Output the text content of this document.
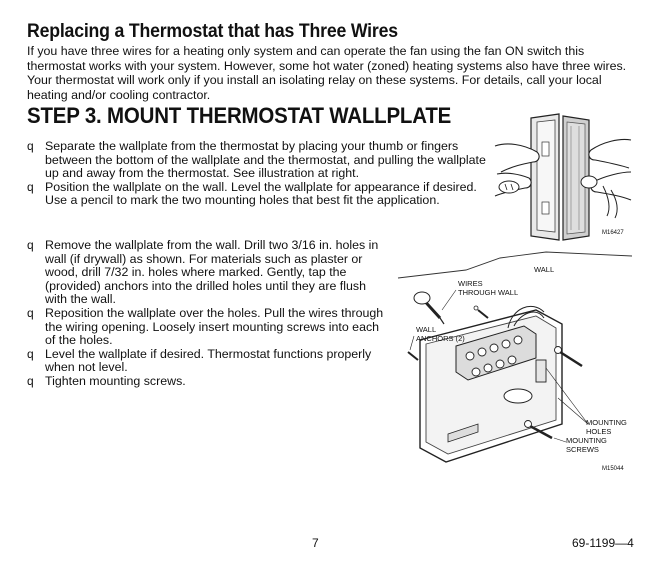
Replacing a Thermostat that has Three Wires
If you have three wires for a heating only system and can operate the fan using the fan ON switch this thermostat works with your system. However, some hot water (zoned) heating systems also have three wires. Your thermostat will work only if you install an isolating relay on these systems. For details, call your local heating and/or cooling contractor.
STEP 3. MOUNT THERMOSTAT WALLPLATE
q Separate the wallplate from the thermostat by placing your thumb or fingers between the bottom of the wallplate and the thermostat, and pulling the wallplate up and away from the thermostat. See illustration at right.
q Position the wallplate on the wall. Level the wallplate for appearance if desired. Use a pencil to mark the two mounting holes that best fit the application.
q Remove the wallplate from the wall. Drill two 3/16 in. holes in wall (if drywall) as shown. For materials such as plaster or wood, drill 7/32 in. holes where marked. Gently, tap the (provided) anchors into the drilled holes until they are flush with the wall.
q Reposition the wallplate over the holes. Pull the wires through the wiring opening. Loosely insert mounting screws into each of the holes.
q Level the wallplate if desired. Thermostat functions properly when not level.
q Tighten mounting screws.
M16427
WALL
WIRES
THROUGH WALL
WALL
ANCHORS (2)
MOUNTING
HOLES
MOUNTING
SCREWS
M15044
7	69-1199—4
